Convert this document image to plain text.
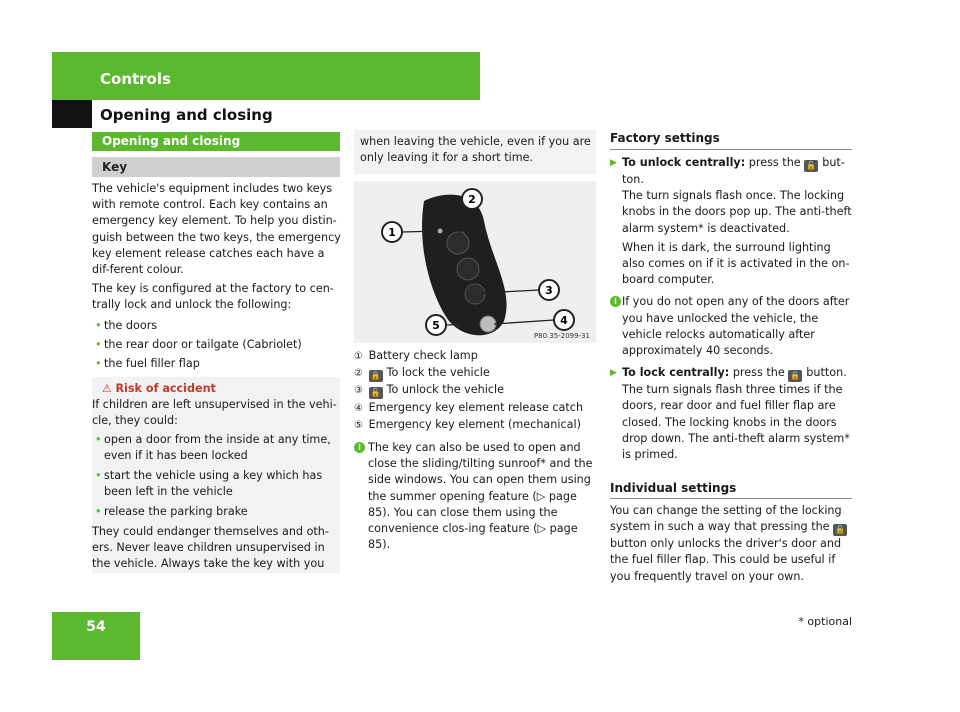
Controls
Opening and closing
Opening and closing
Key

The vehicle's equipment includes two keys with remote control. Each key contains an emergency key element. To help you distin-guish between the two keys, the emergency key element release catches each have a dif-ferent colour.

The key is configured at the factory to cen-trally lock and unlock the following:

• the doors
• the rear door or tailgate (Cabriolet)
• the fuel filler flap
⚠ Risk of accident

If children are left unsupervised in the vehi-cle, they could:

• open a door from the inside at any time, even if it has been locked
• start the vehicle using a key which has been left in the vehicle
• release the parking brake

They could endanger themselves and oth-ers. Never leave children unsupervised in the vehicle. Always take the key with you

when leaving the vehicle, even if you are only leaving it for a short time.
1
2
3
4
5
P80.35-2099-31
① Battery check lamp
② 🔒 To lock the vehicle
③ 🔓 To unlock the vehicle
④ Emergency key element release catch
⑤ Emergency key element (mechanical)
i The key can also be used to open and close the sliding/tilting sunroof* and the side windows. You can open them using the summer opening feature (▷ page 85). You can close them using the convenience clos-ing feature (▷ page 85).
Factory settings
▶ To unlock centrally: press the 🔓 but-ton.

The turn signals flash once. The locking knobs in the doors pop up. The anti-theft alarm system* is deactivated.

When it is dark, the surround lighting also comes on if it is activated in the on-board computer.

i If you do not open any of the doors after you have unlocked the vehicle, the vehicle relocks automatically after approximately 40 seconds.
▶ To lock centrally: press the 🔒 button.

The turn signals flash three times if the doors, rear door and fuel filler flap are closed. The locking knobs in the doors drop down. The anti-theft alarm system* is primed.

Individual settings
You can change the setting of the locking system in such a way that pressing the 🔓button only unlocks the driver's door and the fuel filler flap. This could be useful if you frequently travel on your own.
54	* optional
